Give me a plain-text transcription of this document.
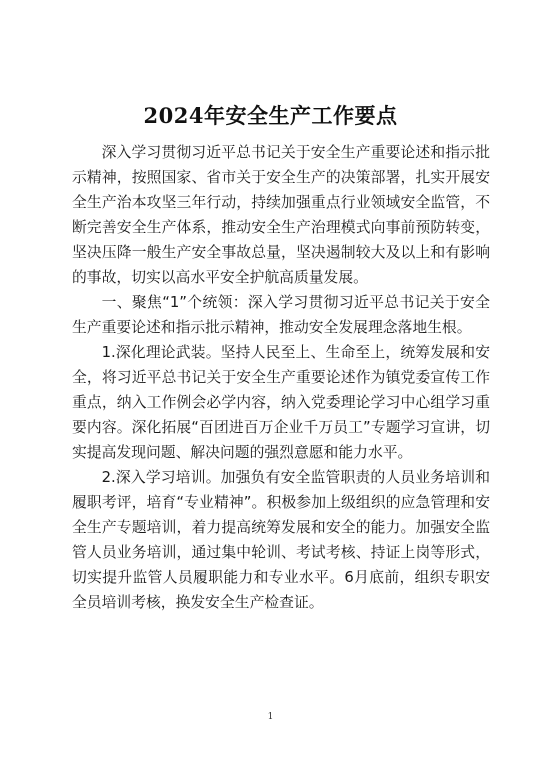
2024年安全生产工作要点

深入学习贯彻习近平总书记关于安全生产重要论述和指示批示精神，按照国家、省市关于安全生产的决策部署，扎实开展安全生产治本攻坚三年行动，持续加强重点行业领域安全监管，不断完善安全生产体系，推动安全生产治理模式向事前预防转变，坚决压降一般生产安全事故总量，坚决遏制较大及以上和有影响的事故，切实以高水平安全护航高质量发展。

一、聚焦“1”个统领：深入学习贯彻习近平总书记关于安全生产重要论述和指示批示精神，推动安全发展理念落地生根。

1.深化理论武装。坚持人民至上、生命至上，统筹发展和安全，将习近平总书记关于安全生产重要论述作为镇党委宣传工作重点，纳入工作例会必学内容，纳入党委理论学习中心组学习重要内容。深化拓展“百团进百万企业千万员工”专题学习宣讲，切实提高发现问题、解决问题的强烈意愿和能力水平。

2.深入学习培训。加强负有安全监管职责的人员业务培训和履职考评，培育“专业精神”。积极参加上级组织的应急管理和安全生产专题培训，着力提高统筹发展和安全的能力。加强安全监管人员业务培训，通过集中轮训、考试考核、持证上岗等形式，切实提升监管人员履职能力和专业水平。6月底前，组织专职安全员培训考核，换发安全生产检查证。

1
